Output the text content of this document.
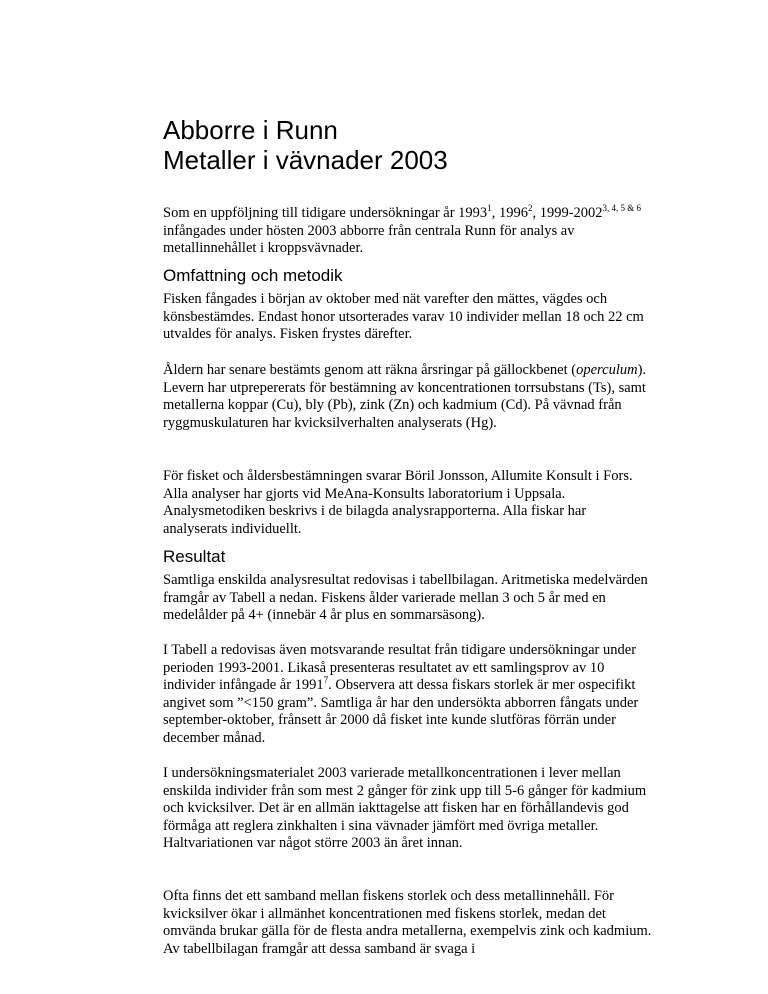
Abborre i Runn
Metaller i vävnader 2003

Som en uppföljning till tidigare undersökningar år 1993$^1$, 1996$^2$, $1999-2002^{3, 4, 5 \& 6}$ infångades under hösten 2003 abborre från centrala Runn för analys av metallinnehållet i kroppsvävnader.

Omfattning och metodik

Fisken fångades i början av oktober med nät varefter den mättes, vägdes och könsbestämdes. Endast honor utsorterades varav 10 individer mellan 18 och 22 cm utvaldes för analys. Fisken frystes därefter.

Åldern har senare bestämts genom att räkna årsringar på gällockbenet (operculum). Levern har utprepererats för bestämning av koncentrationen torrsubstans (Ts), samt metallerna koppar (Cu), bly (Pb), zink (Zn) och kadmium (Cd). På vävnad från ryggmuskulaturen har kvicksilverhalten analyserats (Hg).

För fisket och åldersbestämningen svarar Böril Jonsson, Allumite Konsult i Fors. Alla analyser har gjorts vid MeAna-Konsults laboratorium i Uppsala. Analysmetodiken beskrivs i de bilagda analysrapporterna. Alla fiskar har analyserats individuellt.

Resultat

Samtliga enskilda analysresultat redovisas i tabellbilagan. Aritmetiska medelvärden framgår av Tabell a nedan. Fiskens ålder varierade mellan 3 och 5 år med en medelålder på 4+ (innebär 4 år plus en sommarsäsong).

I Tabell a redovisas även motsvarande resultat från tidigare undersökningar under perioden 1993-2001. Likaså presenteras resultatet av ett samlingsprov av 10 individer infångade år 1991$^7$. Observera att dessa fiskars storlek är mer ospecifikt angivet som ”<150 gram”. Samtliga år har den undersökta abborren fångats under september-oktober, frånsett år 2000 då fisket inte kunde slutföras förrän under december månad.

I undersökningsmaterialet 2003 varierade metallkoncentrationen i lever mellan enskilda individer från som mest 2 gånger för zink upp till 5-6 gånger för kadmium och kvicksilver. Det är en allmän iakttagelse att fisken har en förhållandevis god förmåga att reglera zinkhalten i sina vävnader jämfört med övriga metaller. Haltvariationen var något större 2003 än året innan.

Ofta finns det ett samband mellan fiskens storlek och dess metallinnehåll. För kvicksilver ökar i allmänhet koncentrationen med fiskens storlek, medan det omvända brukar gälla för de flesta andra metallerna, exempelvis zink och kadmium. Av tabellbilagan framgår att dessa samband är svaga i
